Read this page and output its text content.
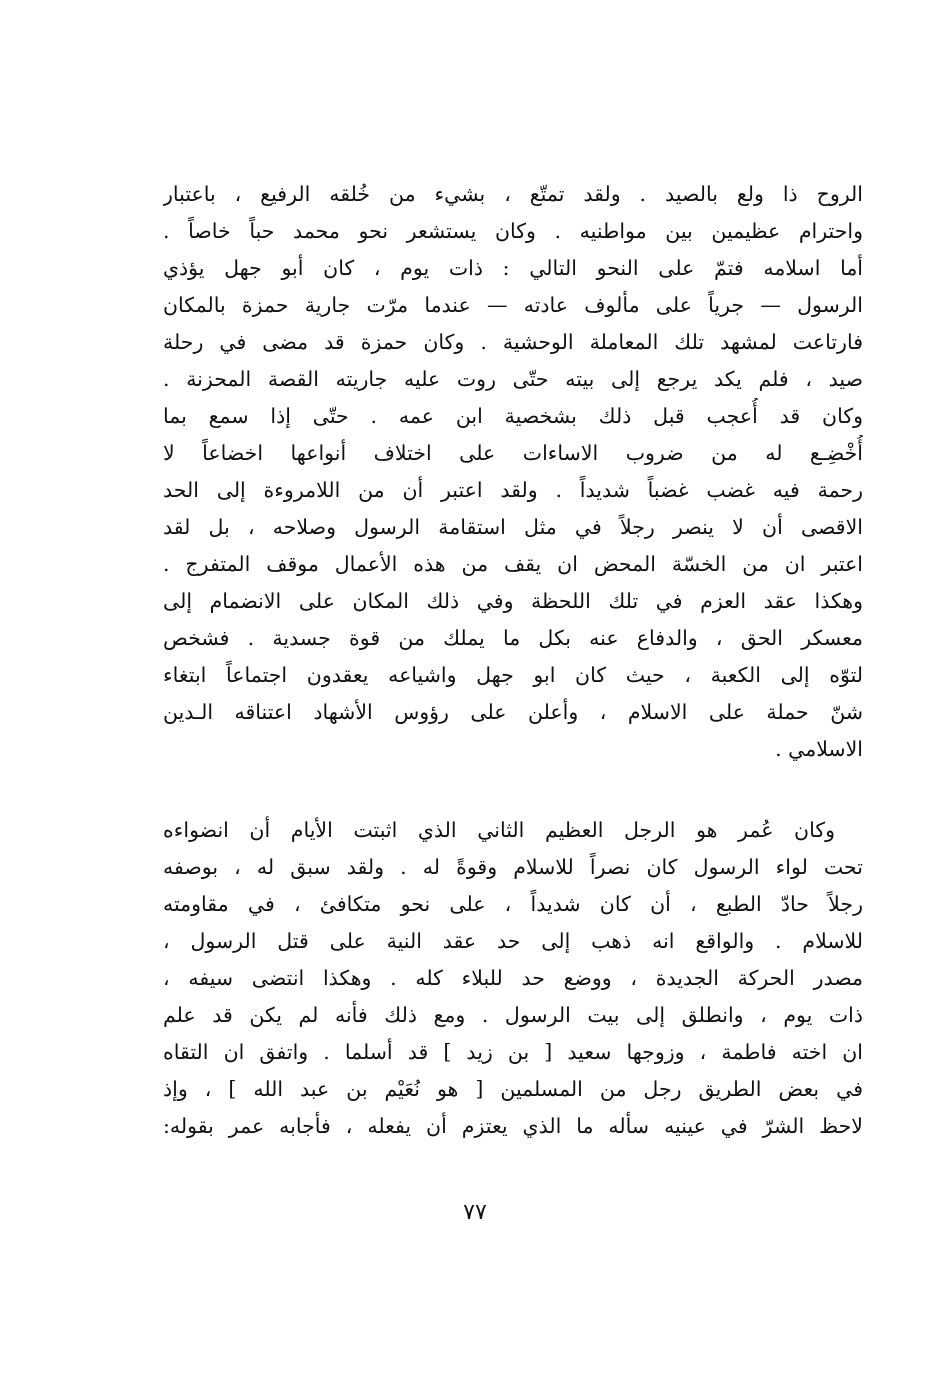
الروح ذا ولع بالصيد . ولقد تمتّع ، بشيء من خُلقه الرفيع ، باعتبار
واحترام عظيمين بين مواطنيه . وكان يستشعر نحو محمد حباً خاصاً .
أما اسلامه فتمّ على النحو التالي : ذات يوم ، كان أبو جهل يؤذي
الرسول — جرياً على مألوف عادته — عندما مرّت جارية حمزة بالمكان
فارتاعت لمشهد تلك المعاملة الوحشية . وكان حمزة قد مضى في رحلة
صيد ، فلم يكد يرجع إلى بيته حتّى روت عليه جاريته القصة المحزنة .
وكان قد أُعجب قبل ذلك بشخصية ابن عمه . حتّى إذا سمع بما
أُخْضِـع له من ضروب الاساءات على اختلاف أنواعها اخضاعاً لا
رحمة فيه غضب غضباً شديداً . ولقد اعتبر أن من اللامروءة إلى الحد
الاقصى أن لا ينصر رجلاً في مثل استقامة الرسول وصلاحه ، بل لقد
اعتبر ان من الخسّة المحض ان يقف من هذه الأعمال موقف المتفرج .
وهكذا عقد العزم في تلك اللحظة وفي ذلك المكان على الانضمام إلى
معسكر الحق ، والدفاع عنه بكل ما يملك من قوة جسدية . فشخص
لتوّه إلى الكعبة ، حيث كان ابو جهل واشياعه يعقدون اجتماعاً ابتغاء
شنّ حملة على الاسلام ، وأعلن على رؤوس الأشهاد اعتناقه الـدين
الاسلامي .
وكان عُمر هو الرجل العظيم الثاني الذي اثبتت الأيام أن انضواءه
تحت لواء الرسول كان نصراً للاسلام وقوةً له . ولقد سبق له ، بوصفه
رجلاً حادّ الطبع ، أن كان شديداً ، على نحو متكافئ ، في مقاومته
للاسلام . والواقع انه ذهب إلى حد عقد النية على قتل الرسول ،
مصدر الحركة الجديدة ، ووضع حد للبلاء كله . وهكذا انتضى سيفه ،
ذات يوم ، وانطلق إلى بيت الرسول . ومع ذلك فأنه لم يكن قد علم
ان اخته فاطمة ، وزوجها سعيد [ بن زيد ] قد أسلما . واتفق ان التقاه
في بعض الطريق رجل من المسلمين [ هو نُعَيْم بن عبد الله ] ، وإذ
لاحظ الشرّ في عينيه سأله ما الذي يعتزم أن يفعله ، فأجابه عمر بقوله:
٧٧
